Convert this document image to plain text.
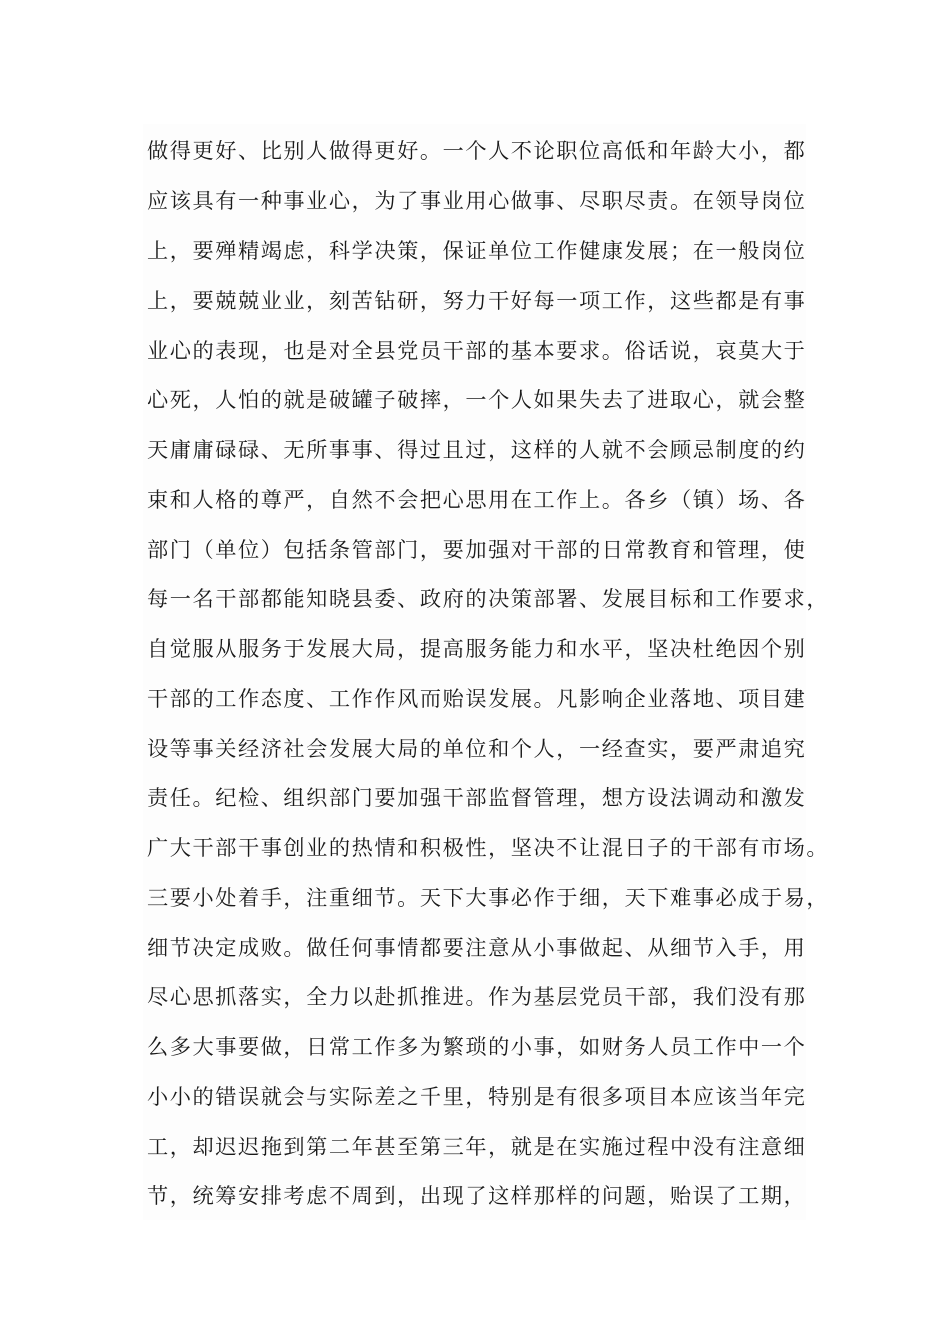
做得更好、比别人做得更好。一个人不论职位高低和年龄大小，都
应该具有一种事业心，为了事业用心做事、尽职尽责。在领导岗位
上，要殚精竭虑，科学决策，保证单位工作健康发展；在一般岗位
上，要兢兢业业，刻苦钻研，努力干好每一项工作，这些都是有事
业心的表现，也是对全县党员干部的基本要求。俗话说，哀莫大于
心死，人怕的就是破罐子破摔，一个人如果失去了进取心，就会整
天庸庸碌碌、无所事事、得过且过，这样的人就不会顾忌制度的约
束和人格的尊严，自然不会把心思用在工作上。各乡（镇）场、各
部门（单位）包括条管部门，要加强对干部的日常教育和管理，使
每一名干部都能知晓县委、政府的决策部署、发展目标和工作要求，
自觉服从服务于发展大局，提高服务能力和水平，坚决杜绝因个别
干部的工作态度、工作作风而贻误发展。凡影响企业落地、项目建
设等事关经济社会发展大局的单位和个人，一经查实，要严肃追究
责任。纪检、组织部门要加强干部监督管理，想方设法调动和激发
广大干部干事创业的热情和积极性，坚决不让混日子的干部有市场。
三要小处着手，注重细节。天下大事必作于细，天下难事必成于易，
细节决定成败。做任何事情都要注意从小事做起、从细节入手，用
尽心思抓落实，全力以赴抓推进。作为基层党员干部，我们没有那
么多大事要做，日常工作多为繁琐的小事，如财务人员工作中一个
小小的错误就会与实际差之千里，特别是有很多项目本应该当年完
工，却迟迟拖到第二年甚至第三年，就是在实施过程中没有注意细
节，统筹安排考虑不周到，出现了这样那样的问题，贻误了工期，
